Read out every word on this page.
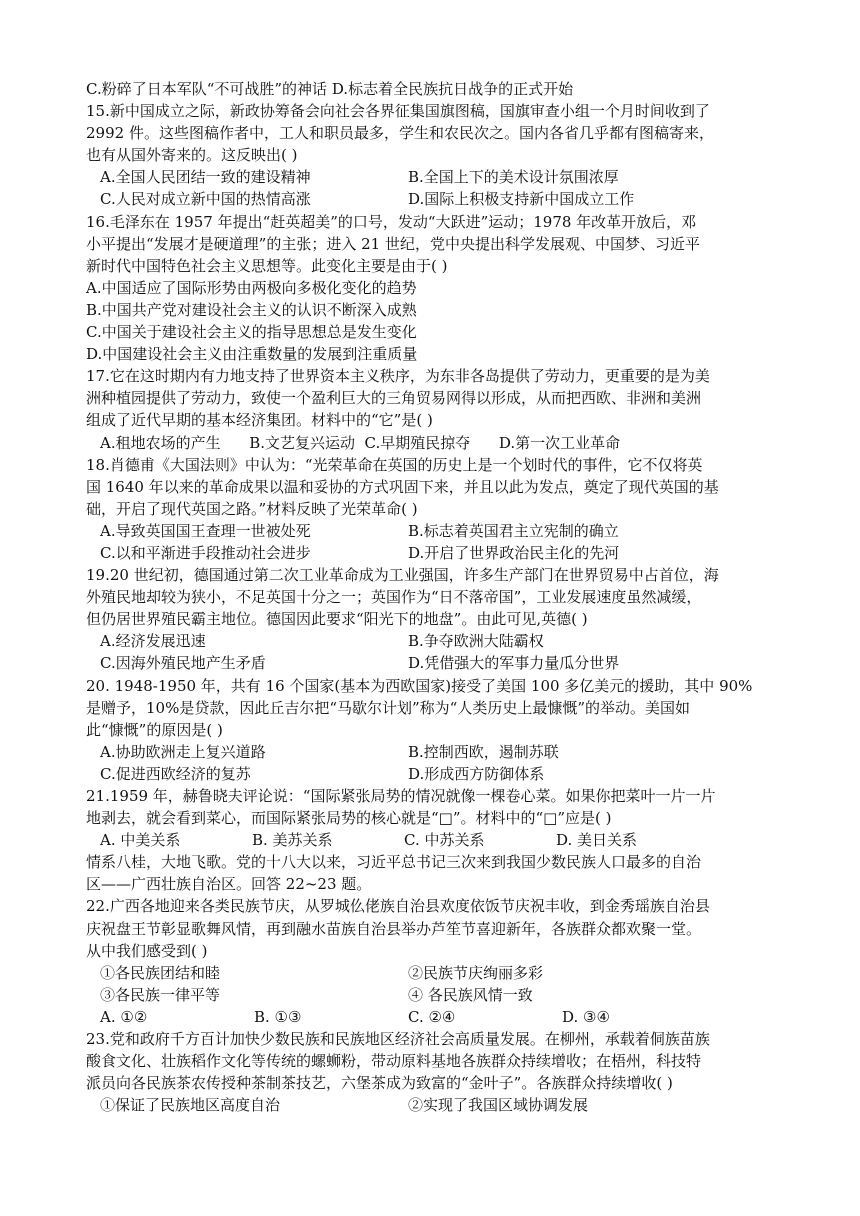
C.粉碎了日本军队“不可战胜”的神话 D.标志着全民族抗日战争的正式开始
15.新中国成立之际，新政协筹备会向社会各界征集国旗图稿，国旗审查小组一个月时间收到了
2992 件。这些图稿作者中，工人和职员最多，学生和农民次之。国内各省几乎都有图稿寄来，
也有从国外寄来的。这反映出( )
A.全国人民团结一致的建设精神	B.全国上下的美术设计氛围浓厚
C.人民对成立新中国的热情高涨	D.国际上积极支持新中国成立工作
16.毛泽东在 1957 年提出“赶英超美”的口号，发动“大跃进”运动；1978 年改革开放后，邓
小平提出“发展才是硬道理”的主张；进入 21 世纪，党中央提出科学发展观、中国梦、习近平
新时代中国特色社会主义思想等。此变化主要是由于( )
A.中国适应了国际形势由两极向多极化变化的趋势
B.中国共产党对建设社会主义的认识不断深入成熟
C.中国关于建设社会主义的指导思想总是发生变化
D.中国建设社会主义由注重数量的发展到注重质量
17.它在这时期内有力地支持了世界资本主义秩序，为东非各岛提供了劳动力，更重要的是为美
洲种植园提供了劳动力，致使一个盈利巨大的三角贸易网得以形成，从而把西欧、非洲和美洲
组成了近代早期的基本经济集团。材料中的“它”是( )
A.租地农场的产生      B.文艺复兴运动  C.早期殖民掠夺      D.第一次工业革命
18.肖德甫《大国法则》中认为：“光荣革命在英国的历史上是一个划时代的事件，它不仅将英
国 1640 年以来的革命成果以温和妥协的方式巩固下来，并且以此为发点，奠定了现代英国的基
础，开启了现代英国之路。”材料反映了光荣革命( )
A.导致英国国王查理一世被处死	B.标志着英国君主立宪制的确立
C.以和平渐进手段推动社会进步	D.开启了世界政治民主化的先河
19.20 世纪初，德国通过第二次工业革命成为工业强国，许多生产部门在世界贸易中占首位，海
外殖民地却较为狭小，不足英国十分之一；英国作为“日不落帝国”，工业发展速度虽然减缓，
但仍居世界殖民霸主地位。德国因此要求“阳光下的地盘”。由此可见,英德( )
A.经济发展迅速	B.争夺欧洲大陆霸权
C.因海外殖民地产生矛盾	D.凭借强大的军事力量瓜分世界
20. 1948-1950 年，共有 16 个国家(基本为西欧国家)接受了美国 100 多亿美元的援助，其中 90%
是赠予，10%是贷款，因此丘吉尔把“马歇尔计划”称为“人类历史上最慷慨”的举动。美国如
此“慷慨”的原因是( )
A.协助欧洲走上复兴道路	B.控制西欧，遏制苏联
C.促进西欧经济的复苏	D.形成西方防御体系
21.1959 年，赫鲁晓夫评论说：“国际紧张局势的情况就像一棵卷心菜。如果你把菜叶一片一片
地剥去，就会看到菜心，而国际紧张局势的核心就是“□”。材料中的“□”应是( )
A. 中美关系	B. 美苏关系	C. 中苏关系	D. 美日关系
情系八桂，大地飞歌。党的十八大以来，习近平总书记三次来到我国少数民族人口最多的自治
区——广西壮族自治区。回答 22~23 题。
22.广西各地迎来各类民族节庆，从罗城仫佬族自治县欢度依饭节庆祝丰收，到金秀瑶族自治县
庆祝盘王节彰显歌舞风情，再到融水苗族自治县举办芦笙节喜迎新年，各族群众都欢聚一堂。
从中我们感受到( )
①各民族团结和睦	②民族节庆绚丽多彩
③各民族一律平等	④ 各民族风情一致
A. ①②	B. ①③	C. ②④	D. ③④
23.党和政府千方百计加快少数民族和民族地区经济社会高质量发展。在柳州，承载着侗族苗族
酸食文化、壮族稻作文化等传统的螺蛳粉，带动原料基地各族群众持续增收；在梧州，科技特
派员向各民族茶农传授种茶制茶技艺，六堡茶成为致富的“金叶子”。各族群众持续增收( )
①保证了民族地区高度自治	②实现了我国区域协调发展
